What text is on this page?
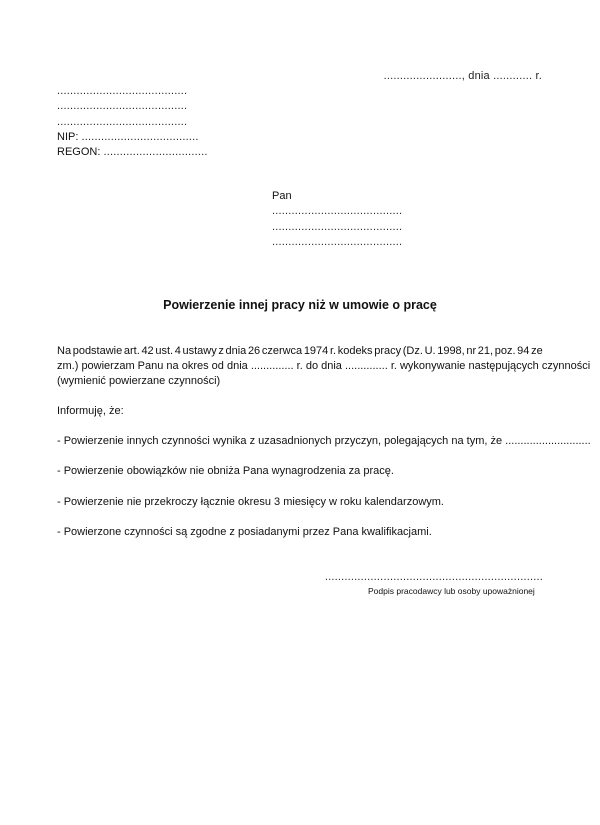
........................, dnia ............ r.
........................................
........................................
........................................
NIP: ....................................
REGON: ................................
Pan
........................................
........................................
........................................
Powierzenie innej pracy niż w umowie o pracę
Na podstawie art. 42 ust. 4 ustawy z dnia 26 czerwca 1974 r. kodeks pracy (Dz. U. 1998, nr 21, poz. 94 ze
zm.) powierzam Panu na okres od dnia .............. r. do dnia .............. r. wykonywanie następujących czynności
(wymienić powierzane czynności)
Informuję, że:
- Powierzenie innych czynności wynika z uzasadnionych przyczyn, polegających na tym, że ............................
- Powierzenie obowiązków nie obniża Pana wynagrodzenia za pracę.
- Powierzenie nie przekroczy łącznie okresu 3 miesięcy w roku kalendarzowym.
- Powierzone czynności są zgodne z posiadanymi przez Pana kwalifikacjami.
...................................................................
Podpis pracodawcy lub osoby upoważnionej
